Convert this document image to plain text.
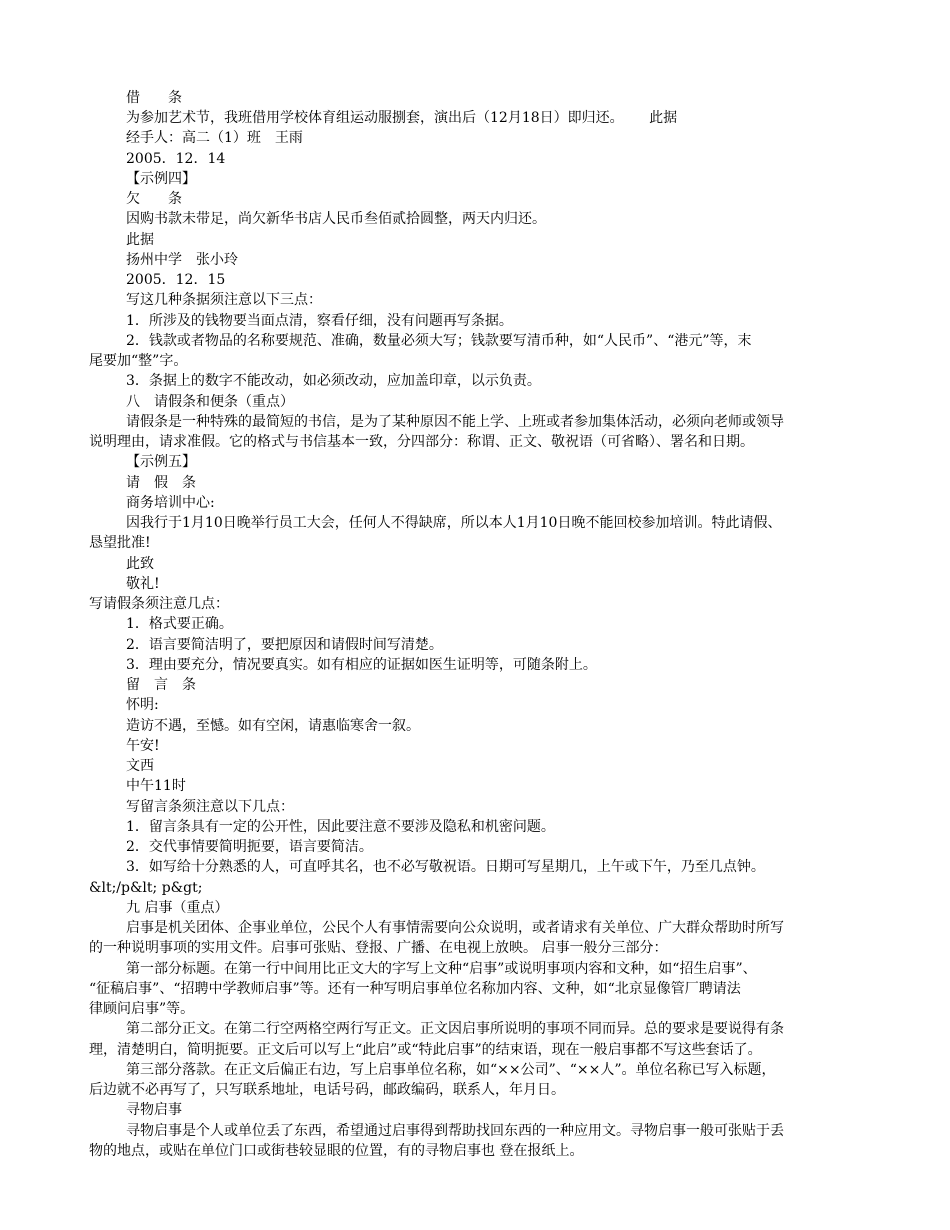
借　　条
为参加艺术节，我班借用学校体育组运动服捌套，演出后（12月18日）即归还。　　 此据
经手人：高二（1）班　王雨
2005．12．14
【示例四】
欠　　条
因购书款未带足，尚欠新华书店人民币叁佰贰拾圆整，两天内归还。
此据
扬州中学　张小玲
2005．12．15
写这几种条据须注意以下三点：
1．所涉及的钱物要当面点清，察看仔细，没有问题再写条据。
2．钱款或者物品的名称要规范、准确，数量必须大写；钱款要写清币种，如“人民币”、“港元”等，末
尾要加“整”字。
3．条据上的数字不能改动，如必须改动，应加盖印章，以示负责。
八　请假条和便条（重点）
请假条是一种特殊的最简短的书信，是为了某种原因不能上学、上班或者参加集体活动，必须向老师或领导
说明理由，请求准假。它的格式与书信基本一致，分四部分：称谓、正文、敬祝语（可省略）、署名和日期。
【示例五】
请　假　条
商务培训中心:
因我行于1月10日晚举行员工大会，任何人不得缺席，所以本人1月10日晚不能回校参加培训。特此请假、
恳望批准!
此致
敬礼!
写请假条须注意几点：
1．格式要正确。
2．语言要简洁明了，要把原因和请假时间写清楚。
3．理由要充分，情况要真实。如有相应的证据如医生证明等，可随条附上。
留　言　条
怀明:
造访不遇，至憾。如有空闲，请惠临寒舍一叙。
午安!
文西
中午11时
写留言条须注意以下几点：
1．留言条具有一定的公开性，因此要注意不要涉及隐私和机密问题。
2．交代事情要简明扼要，语言要简洁。
3．如写给十分熟悉的人，可直呼其名，也不必写敬祝语。日期可写星期几，上午或下午，乃至几点钟。
&lt;/p&lt; p&gt;
九 启事（重点）
启事是机关团体、企事业单位，公民个人有事情需要向公众说明，或者请求有关单位、广大群众帮助时所写
的一种说明事项的实用文件。启事可张贴、登报、广播、在电视上放映。 启事一般分三部分：
第一部分标题。在第一行中间用比正文大的字写上文种“启事”或说明事项内容和文种，如“招生启事”、
“征稿启事”、“招聘中学教师启事”等。还有一种写明启事单位名称加内容、文种，如“北京显像管厂聘请法
律顾问启事”等。
第二部分正文。在第二行空两格空两行写正文。正文因启事所说明的事项不同而异。总的要求是要说得有条
理，清楚明白，简明扼要。正文后可以写上“此启”或“特此启事”的结束语，现在一般启事都不写这些套话了。
第三部分落款。在正文后偏正右边，写上启事单位名称，如“××公司”、“××人”。单位名称已写入标题，
后边就不必再写了，只写联系地址，电话号码，邮政编码，联系人，年月日。
寻物启事
寻物启事是个人或单位丢了东西，希望通过启事得到帮助找回东西的一种应用文。寻物启事一般可张贴于丢
物的地点，或贴在单位门口或街巷较显眼的位置，有的寻物启事也 登在报纸上。
